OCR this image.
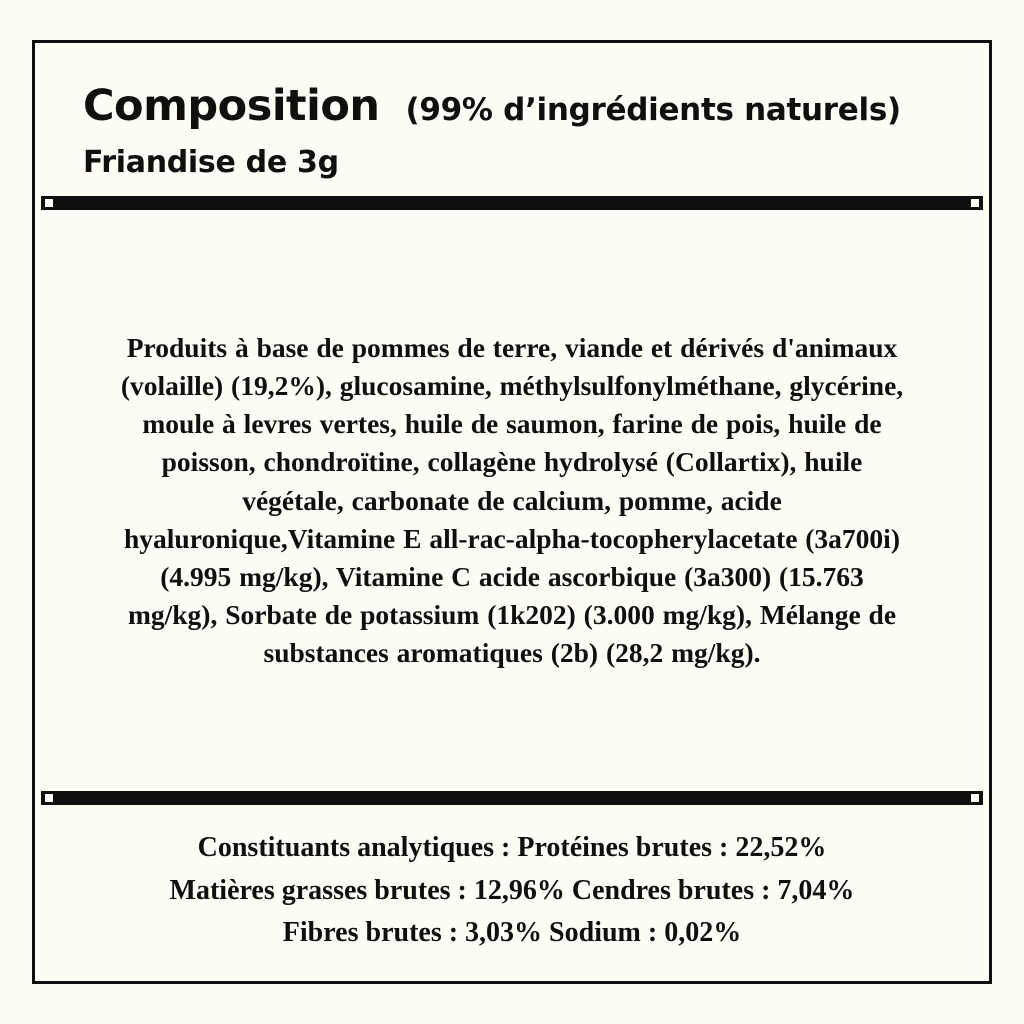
Composition (99% d’ingrédients naturels)
Friandise de 3g
Produits à base de pommes de terre, viande et dérivés d'animaux (volaille) (19,2%), glucosamine, méthylsulfonylméthane, glycérine, moule à levres vertes, huile de saumon, farine de pois, huile de poisson, chondroïtine, collagène hydrolysé (Collartix), huile végétale, carbonate de calcium, pomme, acide hyaluronique,Vitamine E all-rac-alpha-tocopherylacetate (3a700i) (4.995 mg/kg), Vitamine C acide ascorbique (3a300) (15.763 mg/kg), Sorbate de potassium (1k202) (3.000 mg/kg), Mélange de substances aromatiques (2b) (28,2 mg/kg).
Constituants analytiques : Protéines brutes : 22,52%
Matières grasses brutes : 12,96% Cendres brutes : 7,04%
Fibres brutes : 3,03% Sodium : 0,02%
